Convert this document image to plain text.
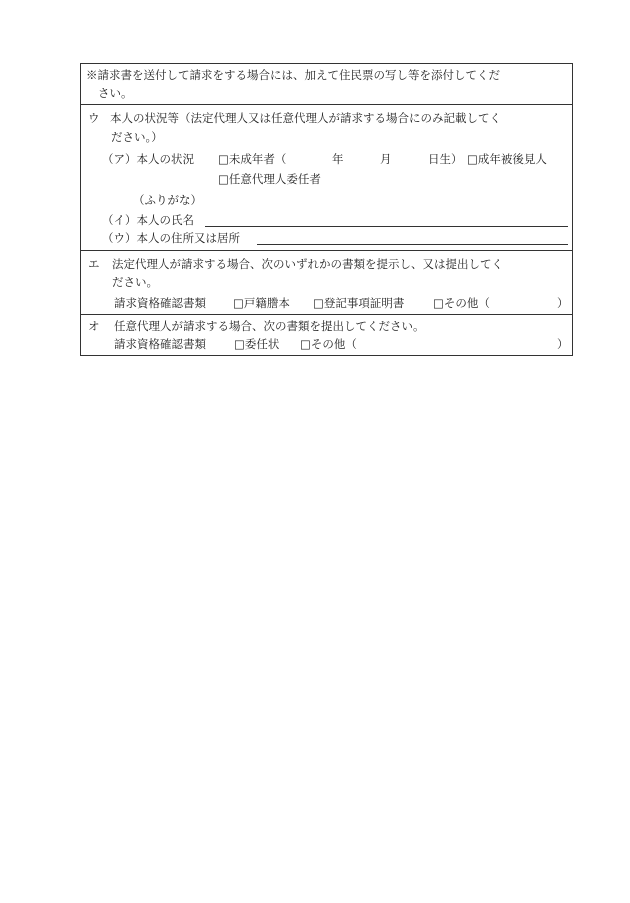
※請求書を送付して請求をする場合には、加えて住民票の写し等を添付してくだ
さい。
ウ 本人の状況等（法定代理人又は任意代理人が請求する場合にのみ記載してく
ださい。）
（ア）本人の状況 □未成年者（	年	月	日生） □成年被後見人
□任意代理人委任者
（ふりがな）
（イ）本人の氏名
（ウ）本人の住所又は居所
エ 法定代理人が請求する場合、次のいずれかの書類を提示し、又は提出してく
ださい。
請求資格確認書類 □戸籍謄本 □登記事項証明書 □その他（	）
オ 任意代理人が請求する場合、次の書類を提出してください。
請求資格確認書類 □委任状 □その他（	）
